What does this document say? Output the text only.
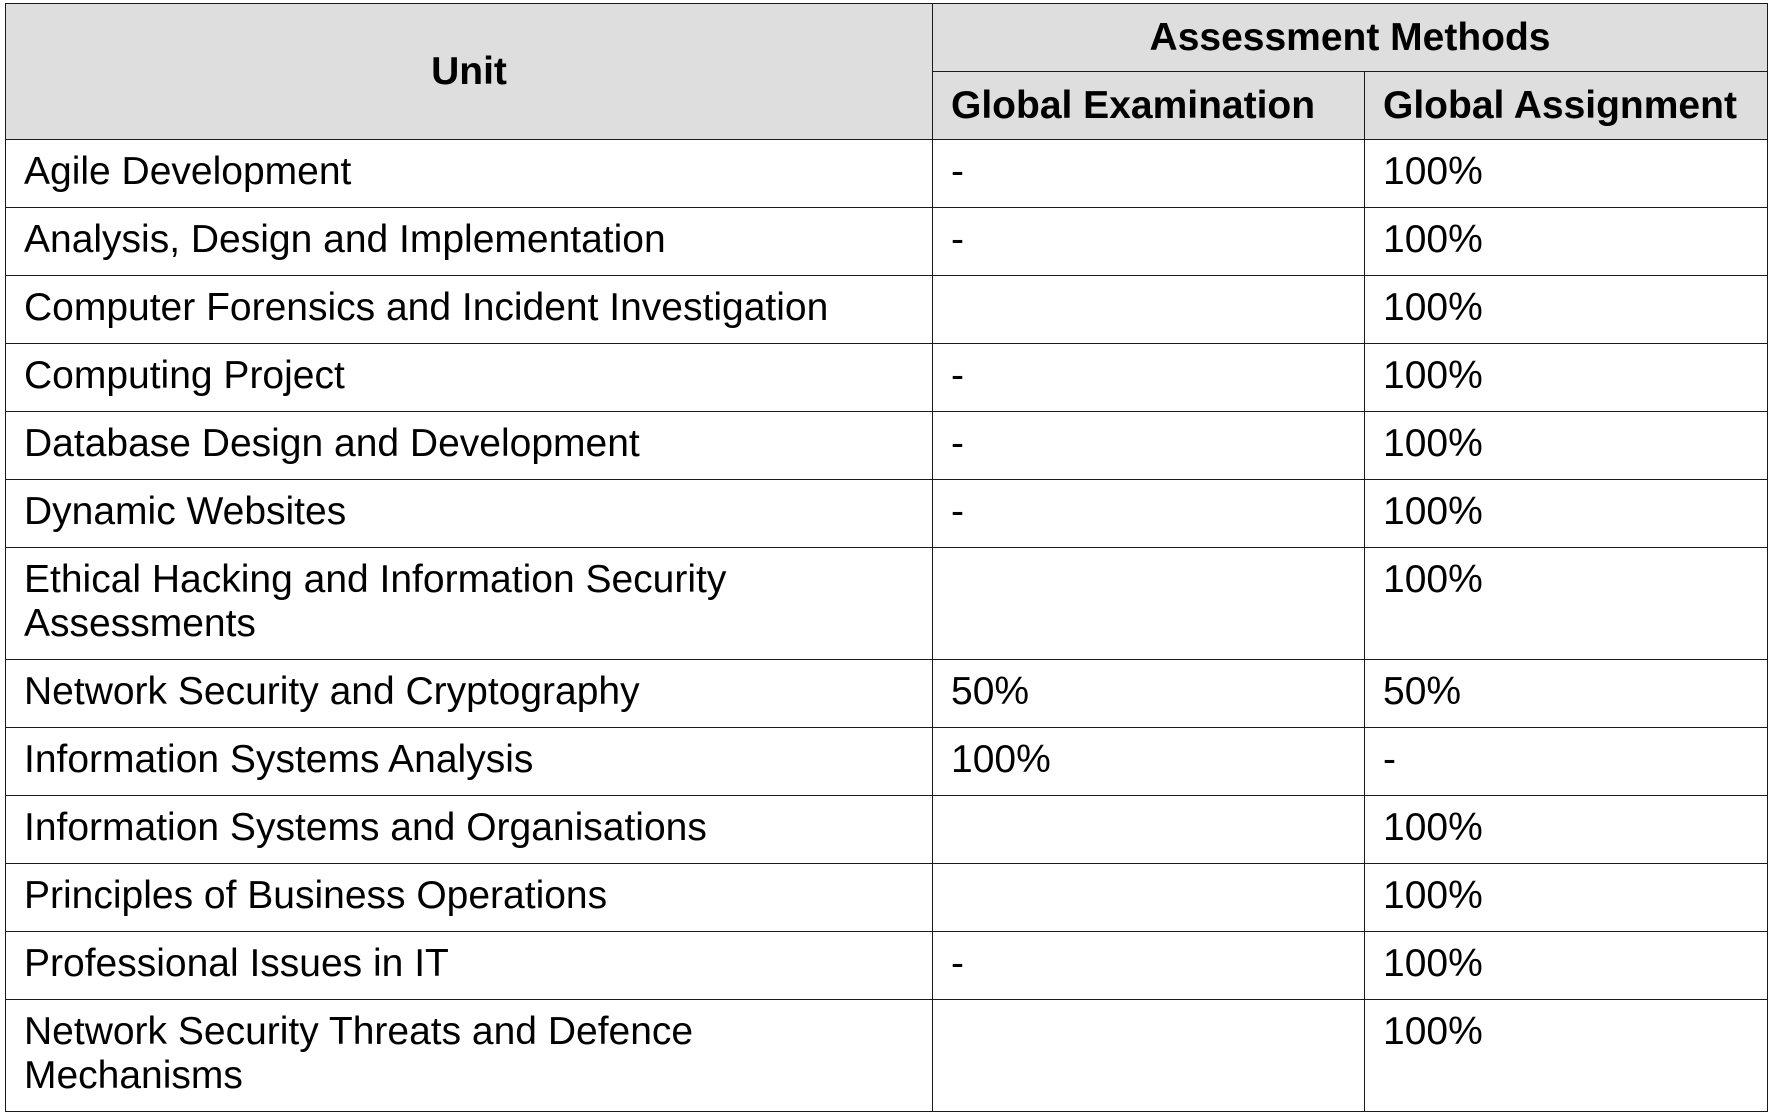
Unit	Assessment Methods	
	Global Examination	Global Assignment
Agile Development	-	100%
Analysis, Design and Implementation	-	100%
Computer Forensics and Incident Investigation		100%
Computing Project	-	100%
Database Design and Development	-	100%
Dynamic Websites	-	100%
Ethical Hacking and Information Security Assessments		100%
Network Security and Cryptography	50%	50%
Information Systems Analysis	100%	-
Information Systems and Organisations		100%
Principles of Business Operations		100%
Professional Issues in IT	-	100%
Network Security Threats and Defence Mechanisms		100%
